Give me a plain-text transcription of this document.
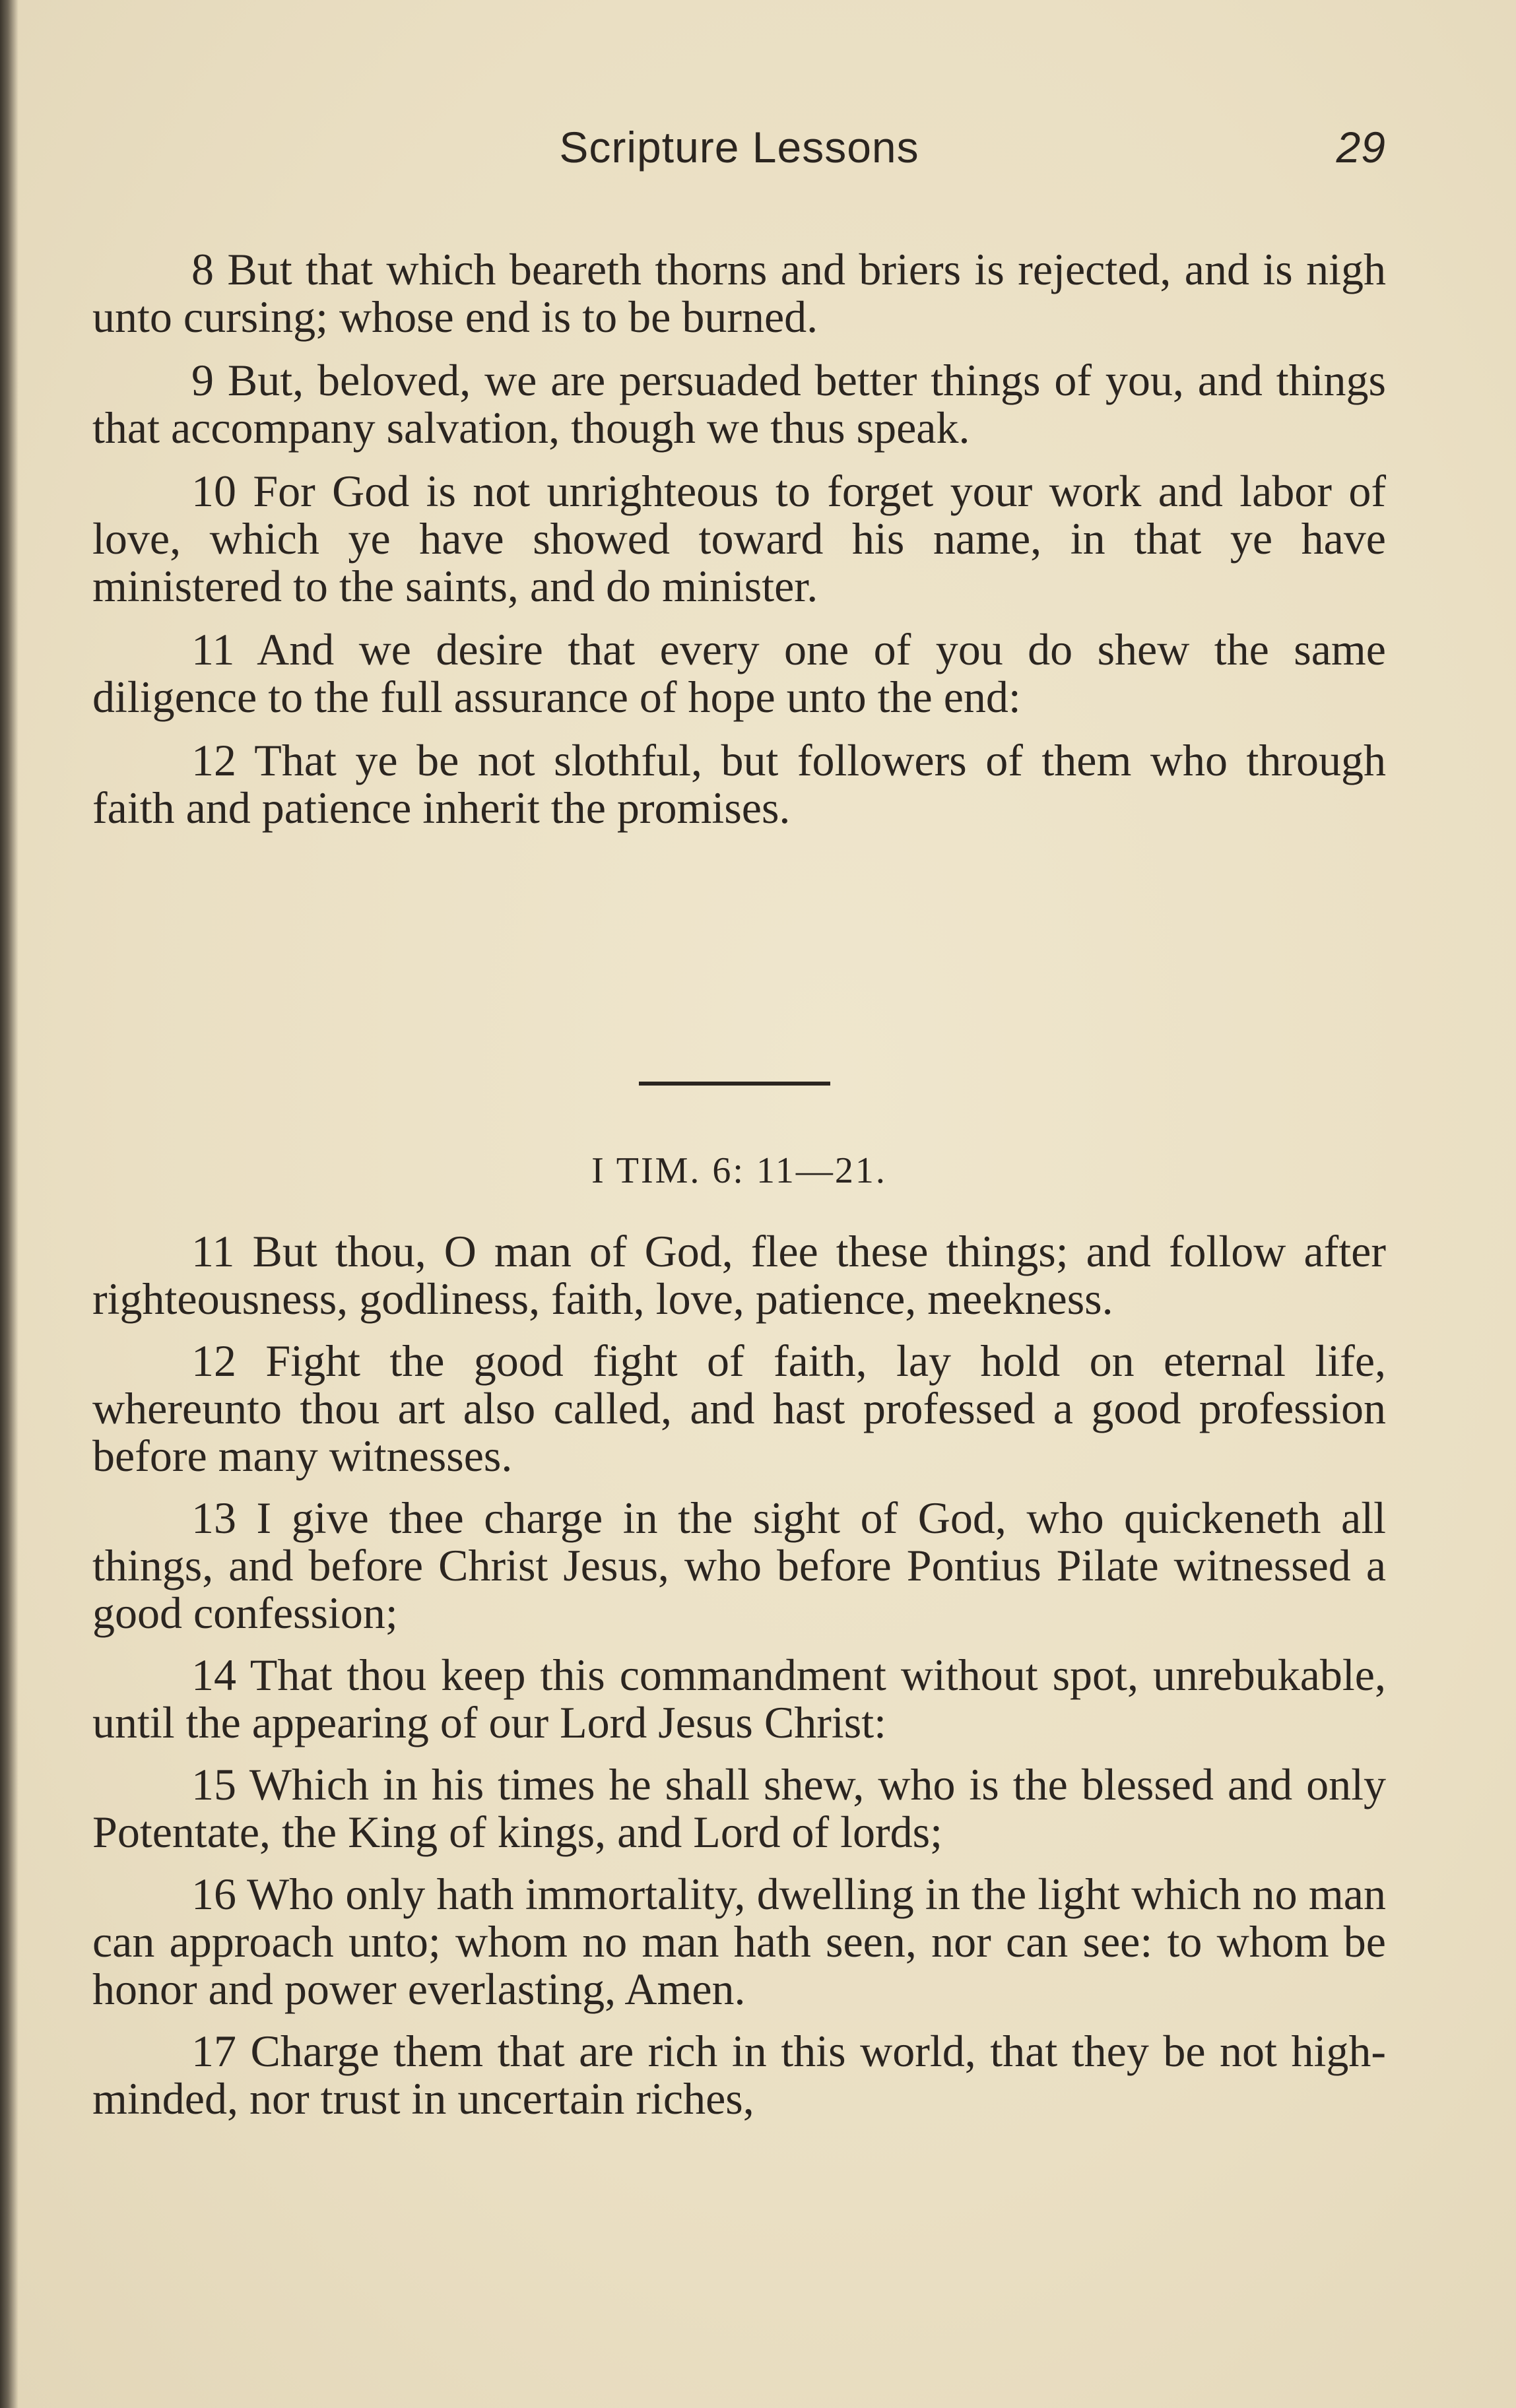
Scripture Lessons	29

8 But that which beareth thorns and briers is rejected, and is nigh unto cursing; whose end is to be burned.

9 But, beloved, we are persuaded better things of you, and things that accompany salvation, though we thus speak.

10 For God is not unrighteous to forget your work and labor of love, which ye have showed toward his name, in that ye have ministered to the saints, and do minister.

11 And we desire that every one of you do shew the same diligence to the full assurance of hope unto the end:

12 That ye be not slothful, but followers of them who through faith and patience inherit the promises.

I TIM. 6: 11—21.

11 But thou, O man of God, flee these things; and follow after righteousness, godliness, faith, love, patience, meekness.

12 Fight the good fight of faith, lay hold on eternal life, whereunto thou art also called, and hast professed a good profession before many witnesses.

13 I give thee charge in the sight of God, who quickeneth all things, and before Christ Jesus, who before Pontius Pilate witnessed a good confession;

14 That thou keep this commandment without spot, unrebukable, until the appearing of our Lord Jesus Christ:

15 Which in his times he shall shew, who is the blessed and only Potentate, the King of kings, and Lord of lords;

16 Who only hath immortality, dwelling in the light which no man can approach unto; whom no man hath seen, nor can see: to whom be honor and power everlasting, Amen.

17 Charge them that are rich in this world, that they be not high-minded, nor trust in uncertain riches,
